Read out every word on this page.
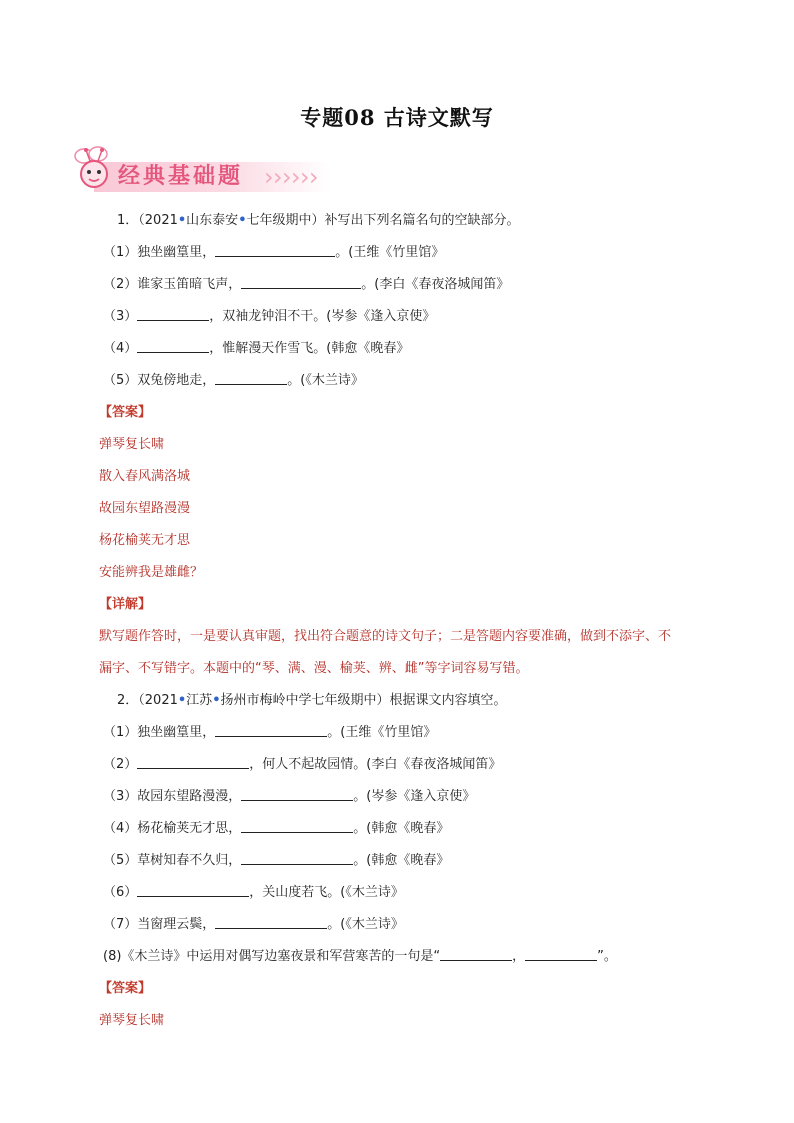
专题08 古诗文默写
› › › › › ›
经典基础题
1．（2021•山东泰安•七年级期中）补写出下列名篇名句的空缺部分。
（1）独坐幽篁里，	。(王维《竹里馆》
（2）谁家玉笛暗飞声，	。(李白《春夜洛城闻笛》
（3）	，双袖龙钟泪不干。(岑参《逢入京使》
（4）	，惟解漫天作雪飞。(韩愈《晚春》
（5）双兔傍地走，	。(《木兰诗》
【答案】
弹琴复长啸
散入春风满洛城
故园东望路漫漫
杨花榆荚无才思
安能辨我是雄雌？
【详解】
默写题作答时，一是要认真审题，找出符合题意的诗文句子；二是答题内容要准确，做到不添字、不
漏字、不写错字。本题中的“琴、满、漫、榆荚、辨、雌”等字词容易写错。
2．（2021•江苏•扬州市梅岭中学七年级期中）根据课文内容填空。
（1）独坐幽篁里，	。(王维《竹里馆》
（2）	，何人不起故园情。(李白《春夜洛城闻笛》
（3）故园东望路漫漫，	。(岑参《逢入京使》
（4）杨花榆荚无才思，	。(韩愈《晚春》
（5）草树知春不久归，	。(韩愈《晚春》
（6）	，关山度若飞。(《木兰诗》
（7）当窗理云鬓，	。(《木兰诗》
(8)《木兰诗》中运用对偶写边塞夜景和军营寒苦的一句是“	，	”。
【答案】
弹琴复长啸
